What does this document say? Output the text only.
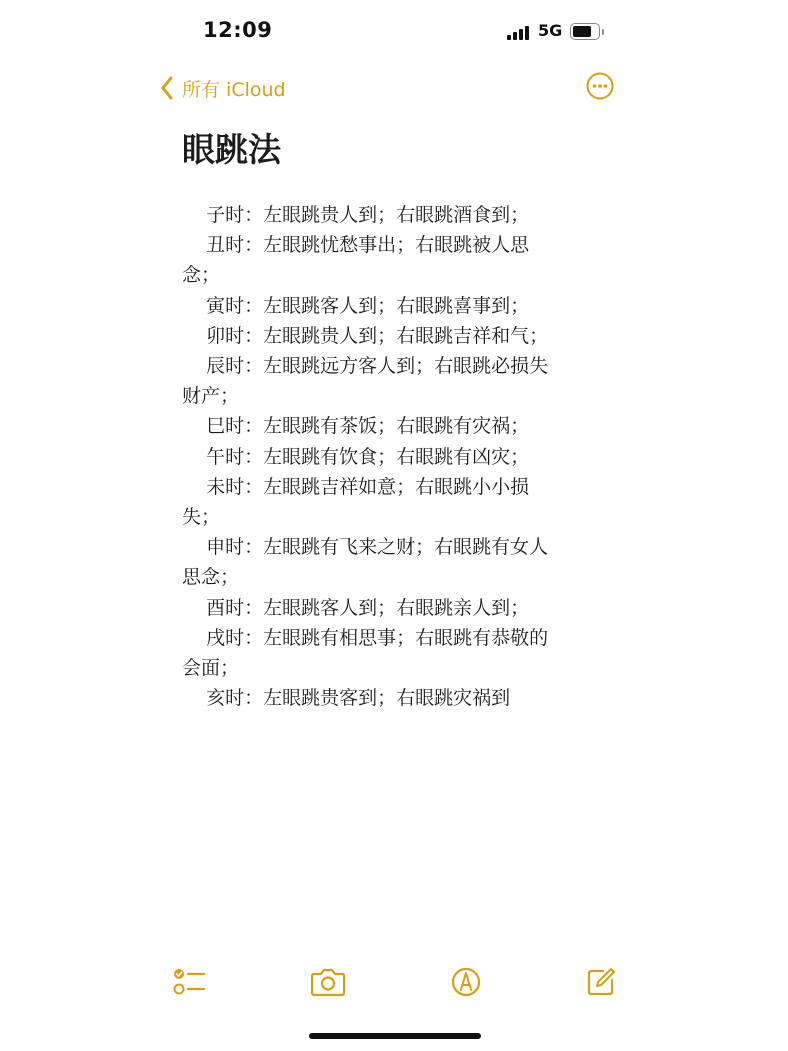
12:09	5G
所有 iCloud
眼跳法
子时：左眼跳贵人到；右眼跳酒食到；
丑时：左眼跳忧愁事出；右眼跳被人思
念；
寅时：左眼跳客人到；右眼跳喜事到；
卯时：左眼跳贵人到；右眼跳吉祥和气；
辰时：左眼跳远方客人到；右眼跳必损失
财产；
巳时：左眼跳有茶饭；右眼跳有灾祸；
午时：左眼跳有饮食；右眼跳有凶灾；
未时：左眼跳吉祥如意；右眼跳小小损
失；
申时：左眼跳有飞来之财；右眼跳有女人
思念；
酉时：左眼跳客人到；右眼跳亲人到；
戌时：左眼跳有相思事；右眼跳有恭敬的
会面；
亥时：左眼跳贵客到；右眼跳灾祸到
